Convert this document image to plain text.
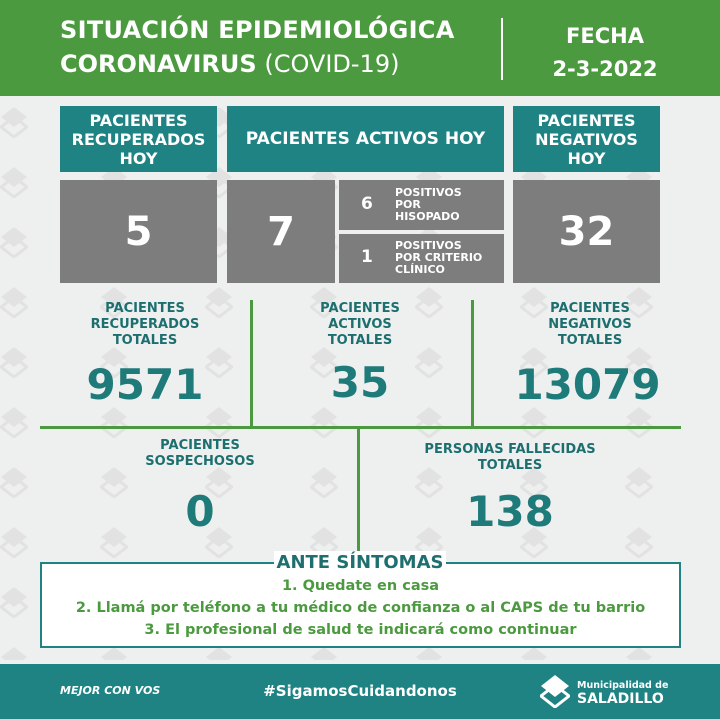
SITUACIÓN EPIDEMIOLÓGICA
CORONAVIRUS (COVID-19)
FECHA
2-3-2022
PACIENTES
RECUPERADOS
HOY
5
PACIENTES ACTIVOS HOY
7
6
POSITIVOS
POR
HISOPADO
1
POSITIVOS
POR CRITERIO
CLÍNICO
PACIENTES
NEGATIVOS
HOY
32
PACIENTES
RECUPERADOS
TOTALES
9571
PACIENTES
ACTIVOS
TOTALES
35
PACIENTES
NEGATIVOS
TOTALES
13079
PACIENTES
SOSPECHOSOS
0
PERSONAS FALLECIDAS
TOTALES
138
ANTE SÍNTOMAS
1. Quedate en casa
2. Llamá por teléfono a tu médico de confianza o al CAPS de tu barrio
3. El profesional de salud te indicará como continuar
MEJOR CON VOS	#SigamosCuidandonos	Municipalidad de
SALADILLO
